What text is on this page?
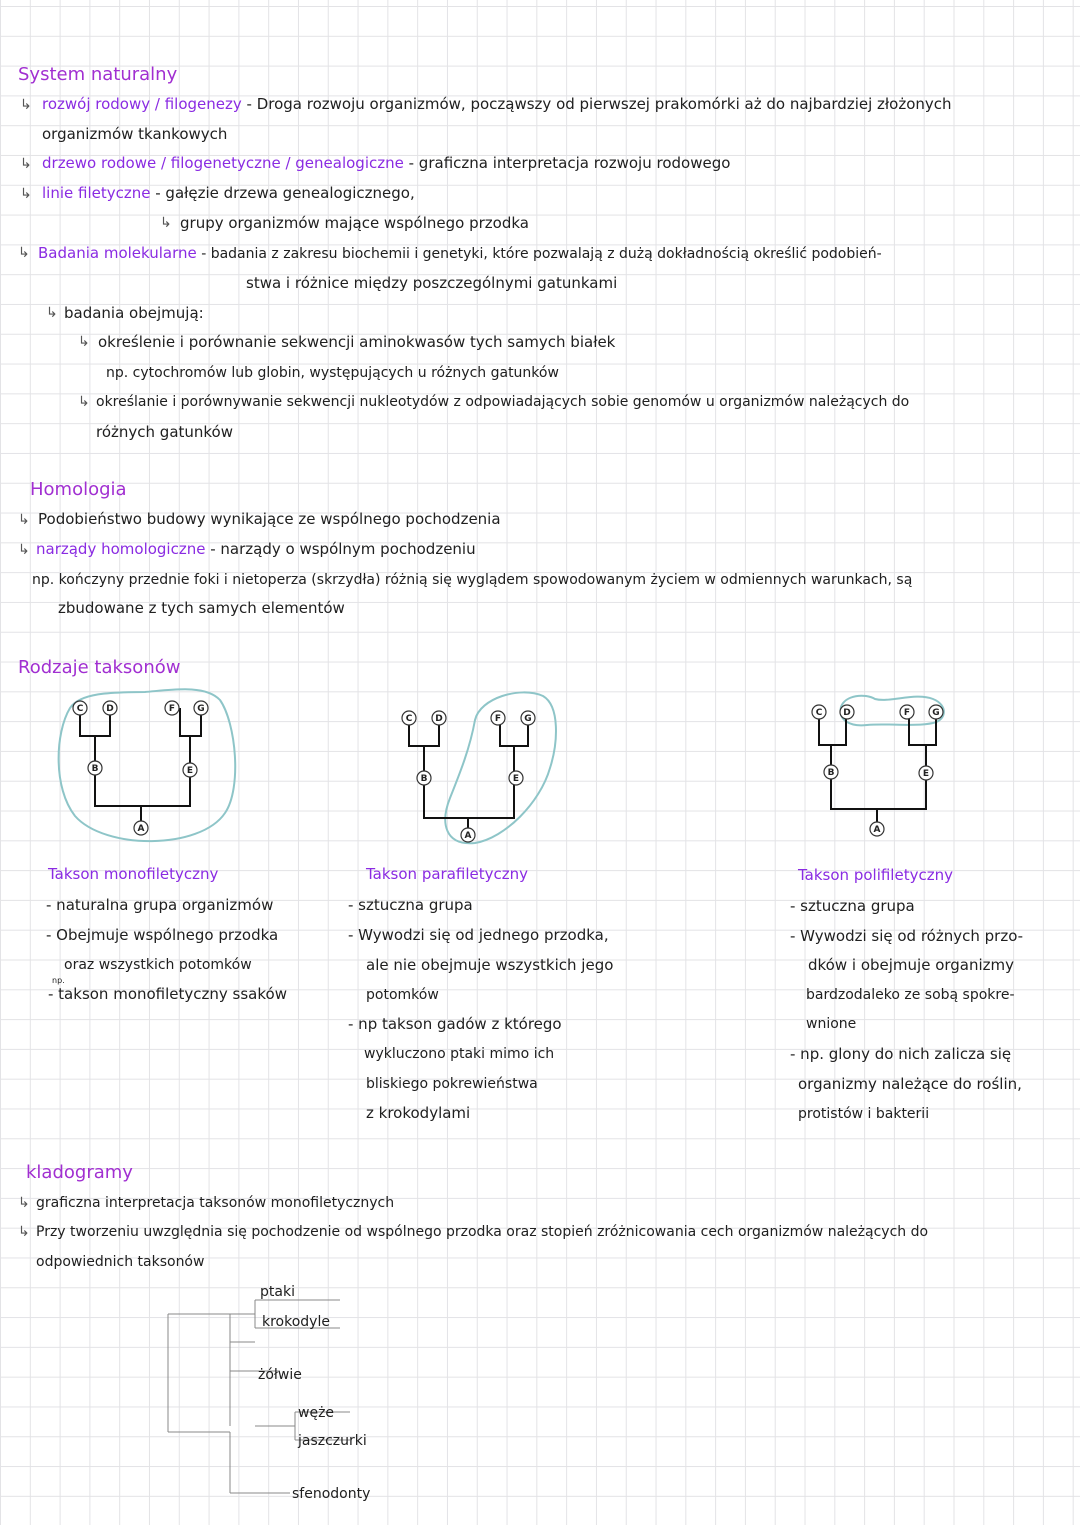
System naturalny
↳ rozwój rodowy / filogenezy - Droga rozwoju organizmów, począwszy od pierwszej prakomórki aż do najbardziej złożonych
organizmów tkankowych
↳ drzewo rodowe / filogenetyczne / genealogiczne - graficzna interpretacja rozwoju rodowego
↳ linie filetyczne - gałęzie drzewa genealogicznego,
↳ grupy organizmów mające wspólnego przodka
↳ Badania molekularne - badania z zakresu biochemii i genetyki, które pozwalają z dużą dokładnością określić podobień-
stwa i różnice między poszczególnymi gatunkami
↳ badania obejmują:
↳ określenie i porównanie sekwencji aminokwasów tych samych białek
np. cytochromów lub globin, występujących u różnych gatunków
↳ określanie i porównywanie sekwencji nukleotydów z odpowiadających sobie genomów u organizmów należących do
różnych gatunków
Homologia
↳ Podobieństwo budowy wynikające ze wspólnego pochodzenia
↳ narządy homologiczne - narządy o wspólnym pochodzeniu
np. kończyny przednie foki i nietoperza (skrzydła) różnią się wyglądem spowodowanym życiem w odmiennych warunkach, są
zbudowane z tych samych elementów
Rodzaje taksonów
C	D	F G
B	E
A
C	D	F	G
B	E
A
C D	F G
B	E
A
Takson monofiletyczny
- naturalna grupa organizmów
- Obejmuje wspólnego przodka
oraz wszystkich potomków
np.
- takson monofiletyczny ssaków
Takson parafiletyczny
- sztuczna grupa
- Wywodzi się od jednego przodka,
ale nie obejmuje wszystkich jego
potomków
- np takson gadów z którego
wykluczono ptaki mimo ich
bliskiego pokrewieństwa
z krokodylami
Takson polifiletyczny
- sztuczna grupa
- Wywodzi się od różnych przo-
dków i obejmuje organizmy
bardzodaleko ze sobą spokre-
wnione
- np. glony do nich zalicza się
organizmy należące do roślin,
protistów i bakterii
kladogramy
↳ graficzna interpretacja taksonów monofiletycznych
↳ Przy tworzeniu uwzględnia się pochodzenie od wspólnego przodka oraz stopień zróżnicowania cech organizmów należących do
odpowiednich taksonów
ptaki
krokodyle
żółwie
węże
jaszczurki
sfenodonty
